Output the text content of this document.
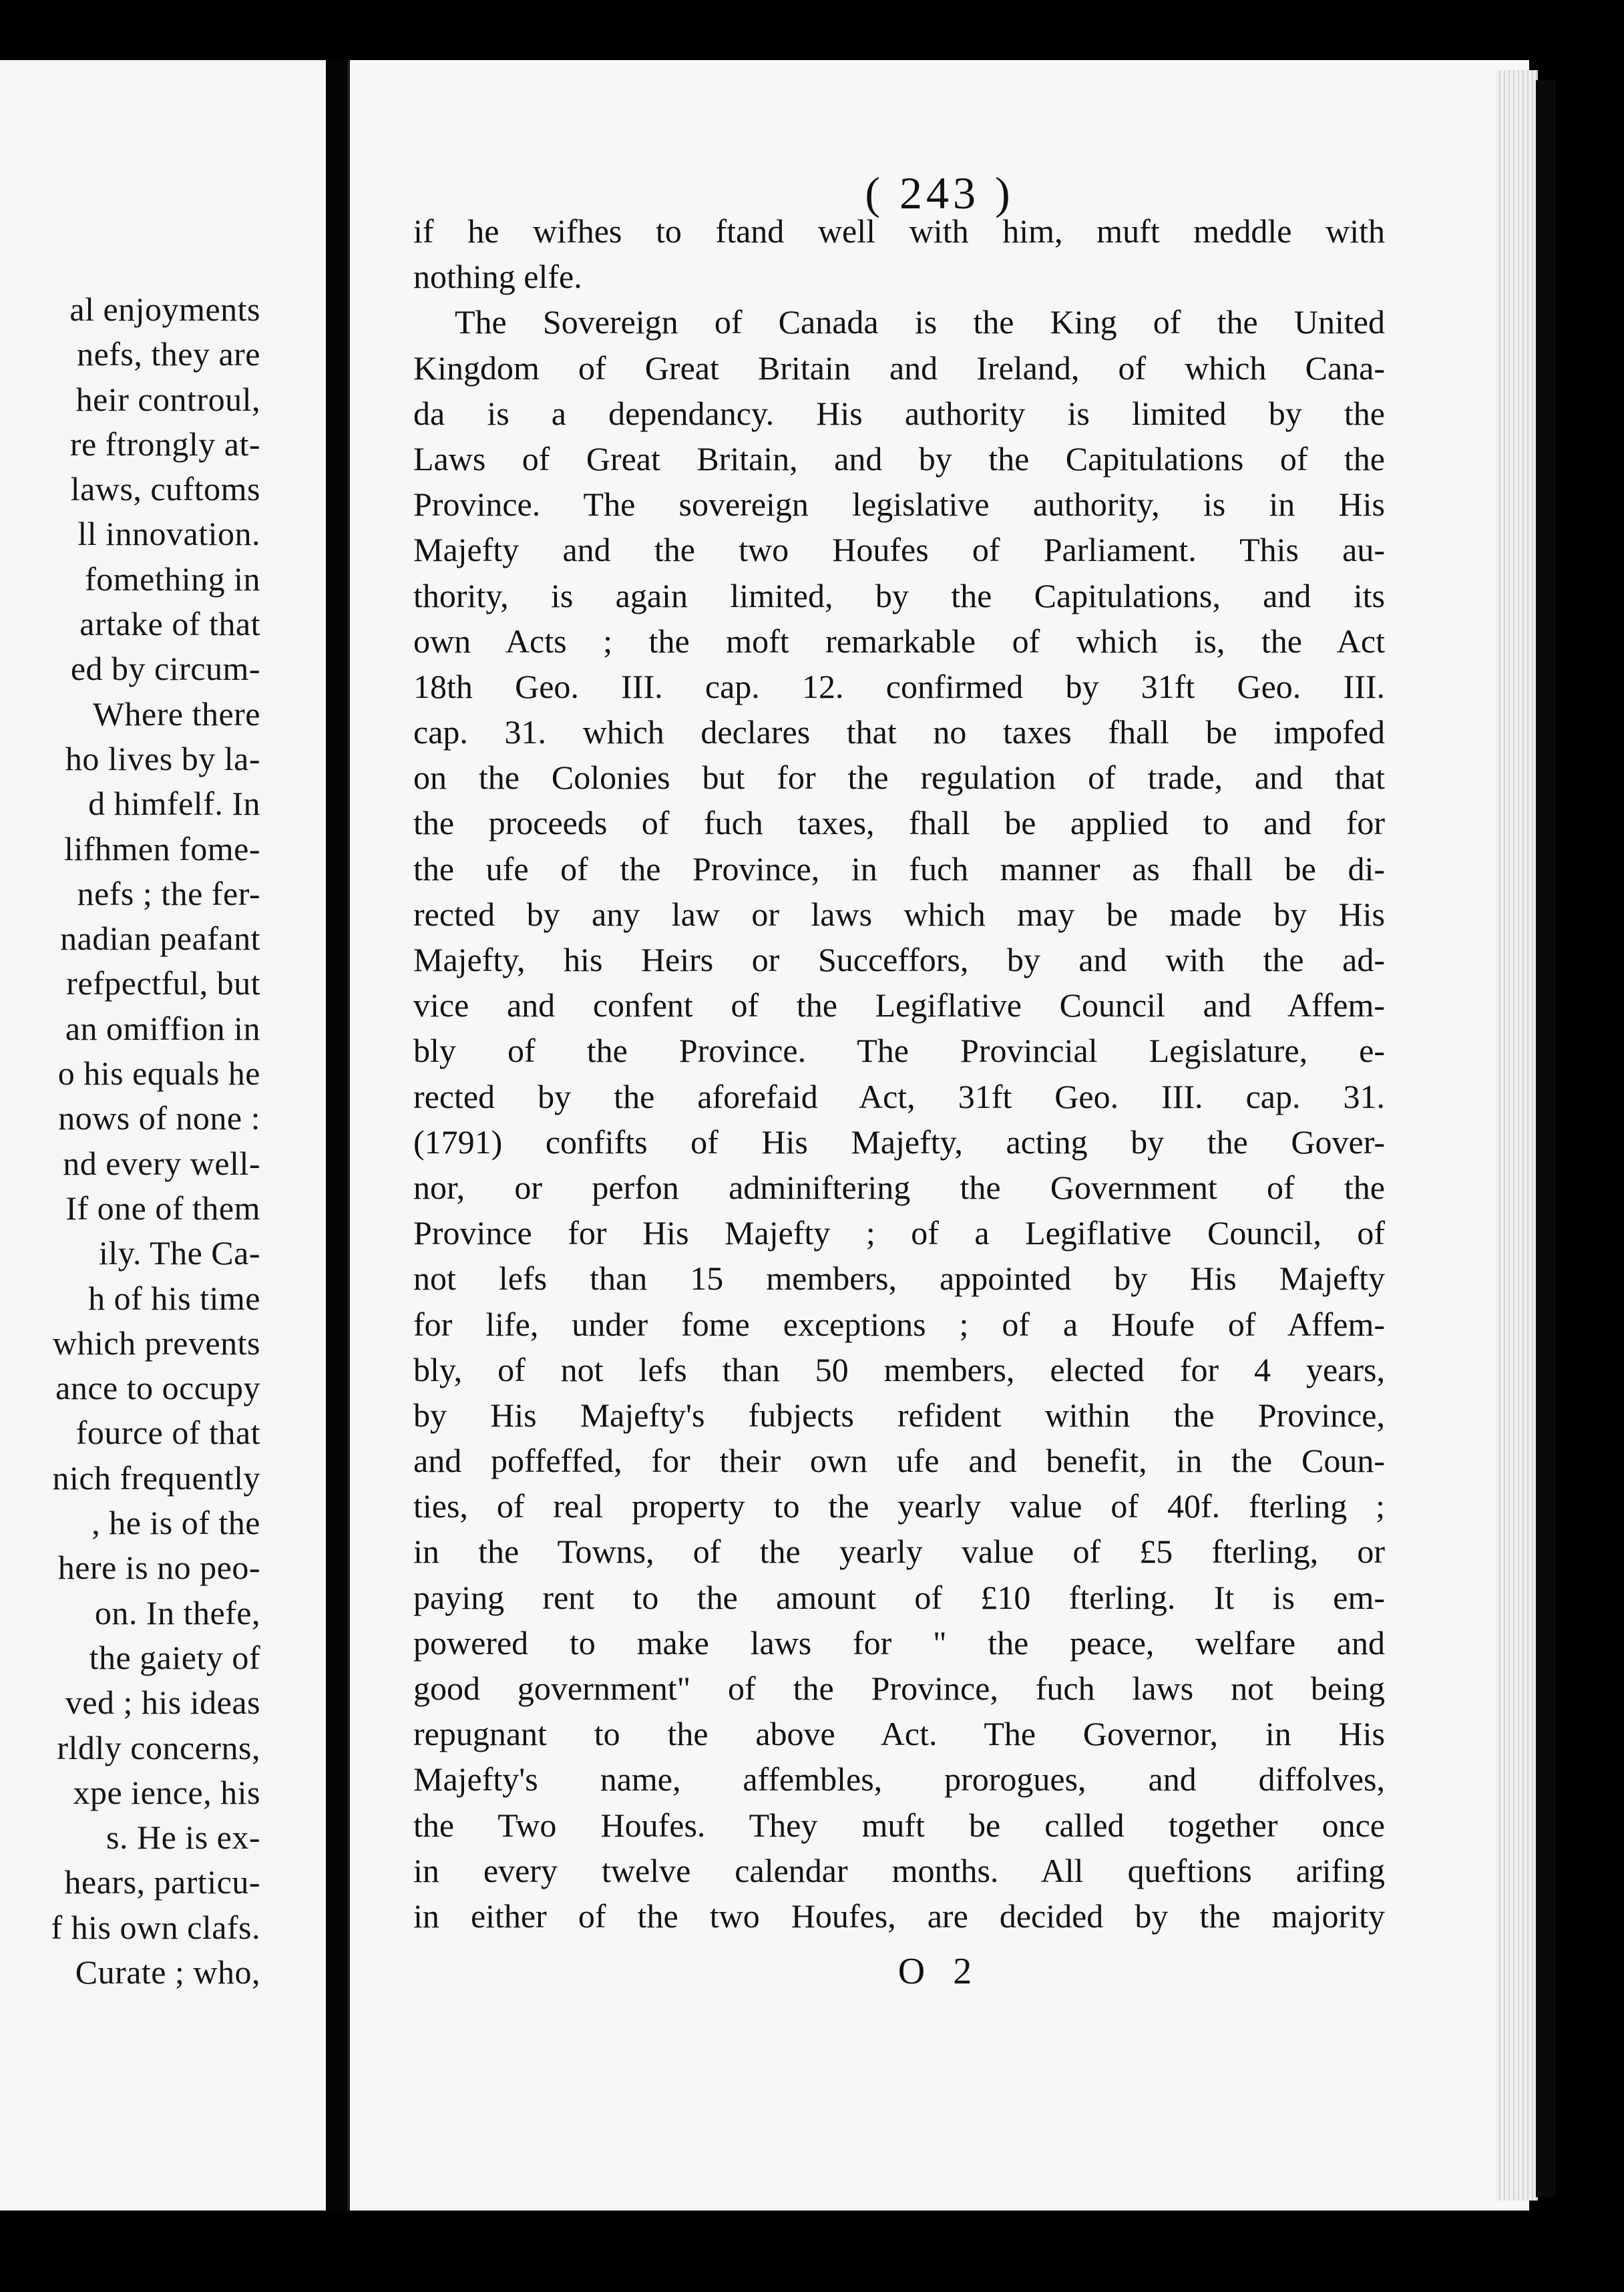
al enjoyments
nefs, they are
heir controul,
re ftrongly at-
laws, cuftoms
ll innovation.
fomething in
artake of that
ed by circum-
Where there
ho lives by la-
d himfelf. In
lifhmen fome-
nefs ; the fer-
nadian peafant
refpectful, but
an omiffion in
o his equals he
nows of none :
nd every well-
If one of them
ily. The Ca-
h of his time
which prevents
ance to occupy
fource of that
nich frequently
, he is of the
here is no peo-
on. In thefe,
the gaiety of
ved ; his ideas
rldly concerns,
xpe ience, his
s. He is ex-
hears, particu-
f his own clafs.
Curate ; who,
( 243 )
if he wifhes to ftand well with him, muft meddle with
nothing elfe.
The Sovereign of Canada is the King of the United
Kingdom of Great Britain and Ireland, of which Cana-
da is a dependancy. His authority is limited by the
Laws of Great Britain, and by the Capitulations of the
Province. The sovereign legislative authority, is in His
Majefty and the two Houfes of Parliament. This au-
thority, is again limited, by the Capitulations, and its
own Acts ; the moft remarkable of which is, the Act
18th Geo. III. cap. 12. confirmed by 31ft Geo. III.
cap. 31. which declares that no taxes fhall be impofed
on the Colonies but for the regulation of trade, and that
the proceeds of fuch taxes, fhall be applied to and for
the ufe of the Province, in fuch manner as fhall be di-
rected by any law or laws which may be made by His
Majefty, his Heirs or Succeffors, by and with the ad-
vice and confent of the Legiflative Council and Affem-
bly of the Province. The Provincial Legislature, e-
rected by the aforefaid Act, 31ft Geo. III. cap. 31.
(1791) confifts of His Majefty, acting by the Gover-
nor, or perfon adminiftering the Government of the
Province for His Majefty ; of a Legiflative Council, of
not lefs than 15 members, appointed by His Majefty
for life, under fome exceptions ; of a Houfe of Affem-
bly, of not lefs than 50 members, elected for 4 years,
by His Majefty's fubjects refident within the Province,
and poffeffed, for their own ufe and benefit, in the Coun-
ties, of real property to the yearly value of 40f. fterling ;
in the Towns, of the yearly value of £5 fterling, or
paying rent to the amount of £10 fterling. It is em-
powered to make laws for " the peace, welfare and
good government" of the Province, fuch laws not being
repugnant to the above Act. The Governor, in His
Majefty's name, affembles, prorogues, and diffolves,
the Two Houfes. They muft be called together once
in every twelve calendar months. All queftions arifing
in either of the two Houfes, are decided by the majority
O 2
